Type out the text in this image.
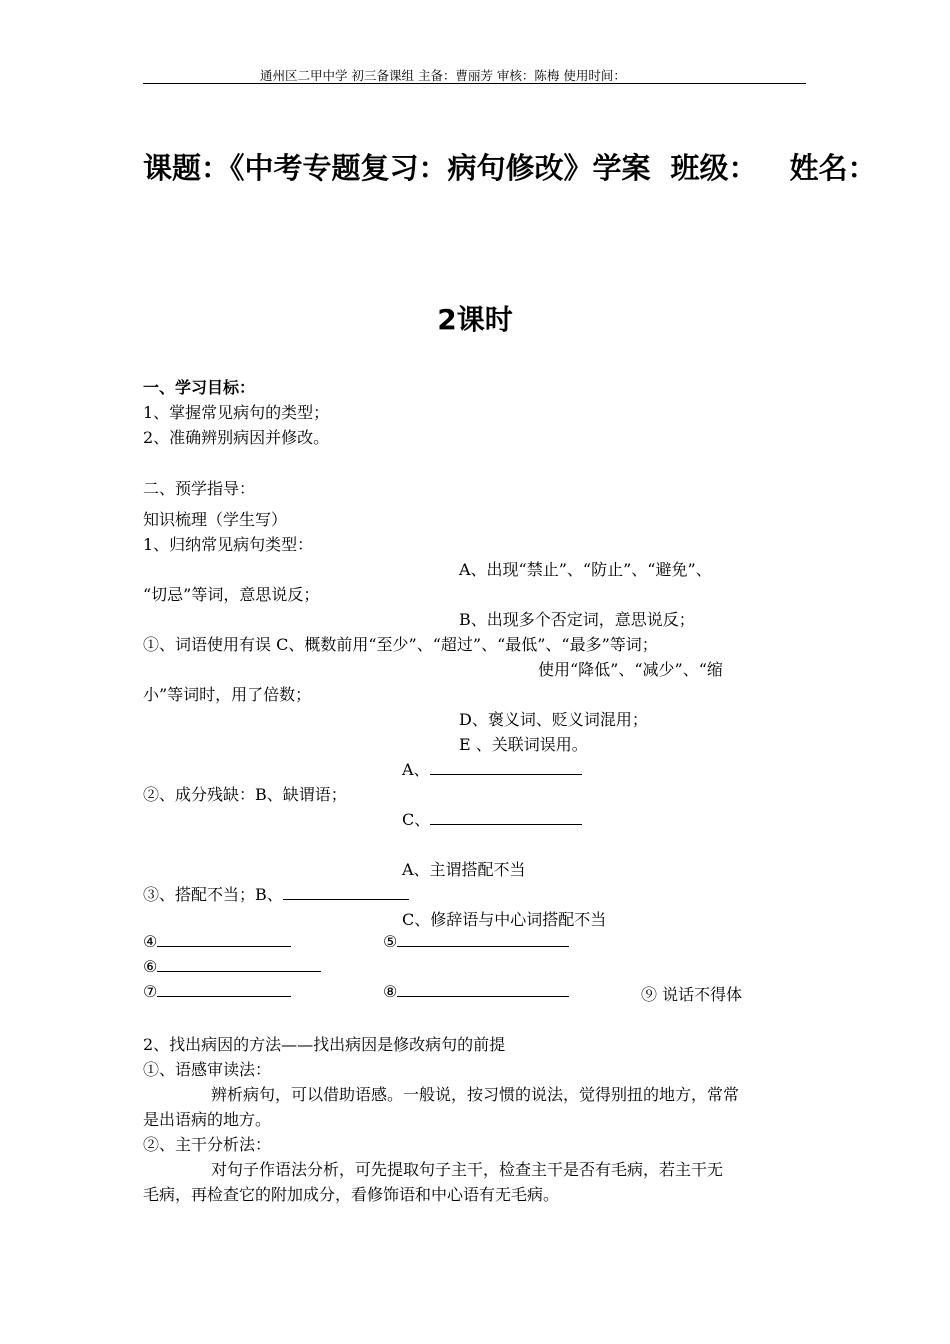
通州区二甲中学 初三备课组 主备：曹丽芳 审核：陈梅 使用时间：
课题：《中考专题复习：病句修改》学案 班级： 姓名：
2课时
一、学习目标：
1、掌握常见病句的类型；
2、准确辨别病因并修改。
二、预学指导：
知识梳理（学生写）
1、归纳常见病句类型：
A、出现“禁止”、“防止”、“避免”、
“切忌”等词，意思说反；
B、出现多个否定词，意思说反；
①、词语使用有误 C、概数前用“至少”、“超过”、“最低”、“最多”等词；
使用“降低”、“减少”、“缩
小”等词时，用了倍数；
D、褒义词、贬义词混用；
E 、关联词误用。
A、
②、成分残缺：B、缺谓语；
C、
A、主谓搭配不当
③、搭配不当；B、
C、修辞语与中心词搭配不当
④	⑤
⑥
⑦	⑧	⑨ 说话不得体
2、找出病因的方法——找出病因是修改病句的前提
①、语感审读法：
辨析病句，可以借助语感。一般说，按习惯的说法，觉得别扭的地方，常常
是出语病的地方。
②、主干分析法：
对句子作语法分析，可先提取句子主干，检查主干是否有毛病，若主干无
毛病，再检查它的附加成分，看修饰语和中心语有无毛病。
